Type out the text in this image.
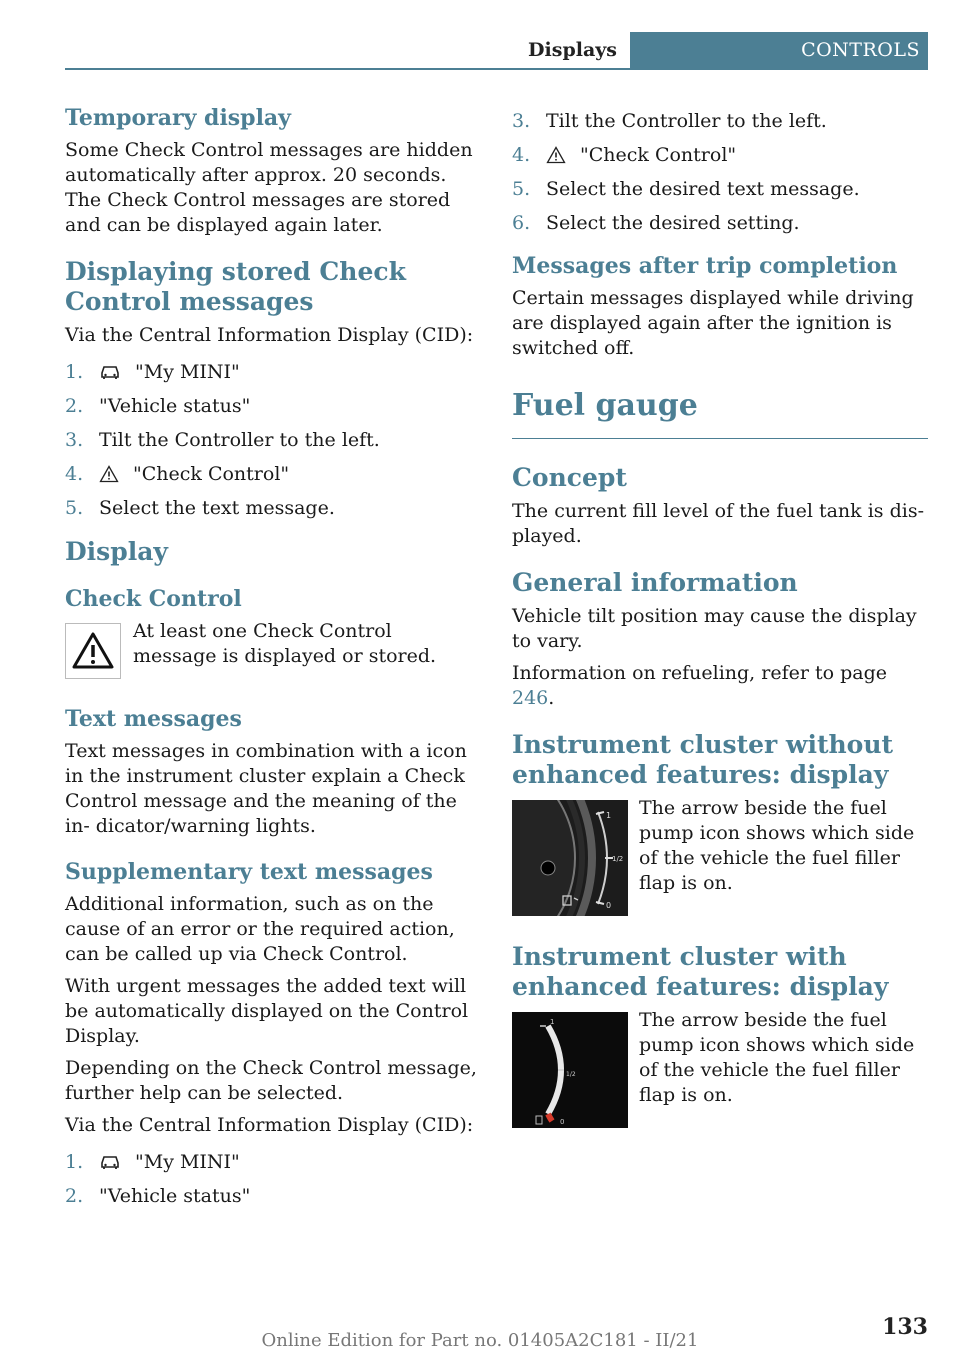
Displays	CONTROLS
Temporary display

Some Check Control messages are hidden automatically after approx. 20 seconds. The Check Control messages are stored and can be displayed again later.

Displaying stored Check Control messages

Via the Central Information Display (CID):

1.	"My MINI"
2. "Vehicle status"
3. Tilt the Controller to the left.
4.	"Check Control"
5. Select the text message.
Display
Check Control

At least one Check Control message is displayed or stored.

Text messages

Text messages in combination with a icon in the instrument cluster explain a Check Control message and the meaning of the in- dicator/warning lights.

Supplementary text messages

Additional information, such as on the cause of an error or the required action, can be called up via Check Control.

With urgent messages the added text will be automatically displayed on the Control Display.

Depending on the Check Control message, further help can be selected.

Via the Central Information Display (CID):

1.	"My MINI"
2. "Vehicle status"
3. Tilt the Controller to the left.
4.	"Check Control"
5. Select the desired text message.
6. Select the desired setting.
Messages after trip completion

Certain messages displayed while driving are displayed again after the ignition is switched off.

Fuel gauge
Concept

The current fill level of the fuel tank is dis- played.

General information

Vehicle tilt position may cause the display to vary.

Information on refueling, refer to page 246.

Instrument cluster without enhanced features: display
1
1/2
0

The arrow beside the fuel pump icon shows which side of the vehicle the fuel filler flap is on.

Instrument cluster with enhanced features: display
1
1/2
0

The arrow beside the fuel pump icon shows which side of the vehicle the fuel filler flap is on.

Online Edition for Part no. 01405A2C181 - II/21
133
